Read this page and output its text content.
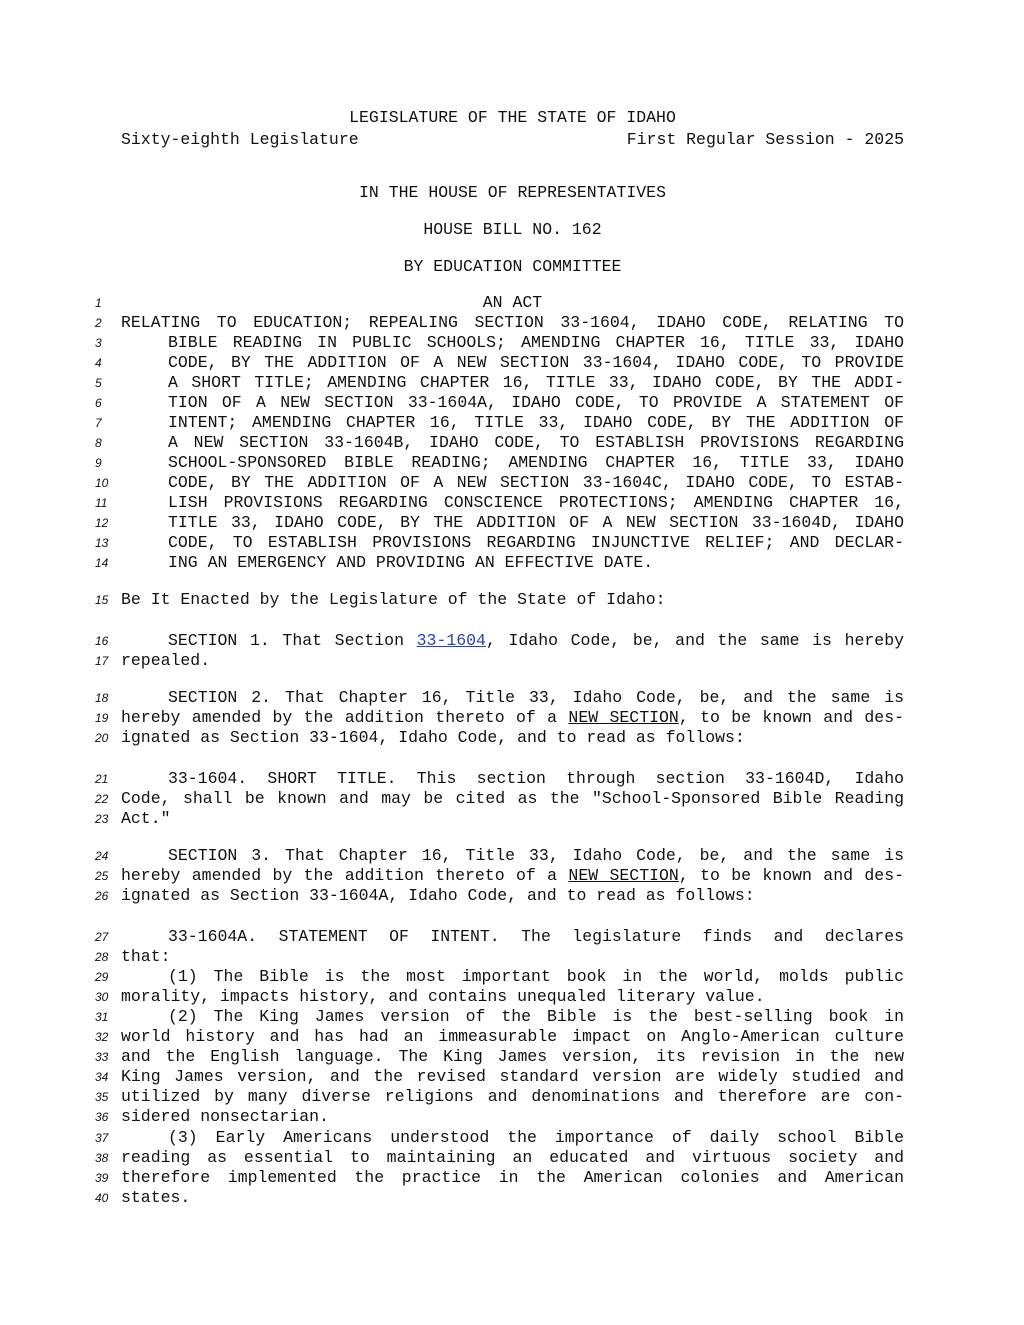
LEGISLATURE OF THE STATE OF IDAHO
Sixty-eighth Legislature	First Regular Session - 2025
IN THE HOUSE OF REPRESENTATIVES
HOUSE BILL NO. 162
BY EDUCATION COMMITTEE
1
2
3
4
5
6
7
8
9
10
11
12
13
14
15
16
17
18
19
20
21
22
23
24
25
26
27
28
29
30
31
32
33
34
35
36
37
38
39
40
AN ACT
RELATING TO EDUCATION; REPEALING SECTION 33-1604, IDAHO CODE, RELATING TO
BIBLE READING IN PUBLIC SCHOOLS; AMENDING CHAPTER 16, TITLE 33, IDAHO
CODE, BY THE ADDITION OF A NEW SECTION 33-1604, IDAHO CODE, TO PROVIDE
A SHORT TITLE; AMENDING CHAPTER 16, TITLE 33, IDAHO CODE, BY THE ADDI-
TION OF A NEW SECTION 33-1604A, IDAHO CODE, TO PROVIDE A STATEMENT OF
INTENT; AMENDING CHAPTER 16, TITLE 33, IDAHO CODE, BY THE ADDITION OF
A NEW SECTION 33-1604B, IDAHO CODE, TO ESTABLISH PROVISIONS REGARDING
SCHOOL-SPONSORED BIBLE READING; AMENDING CHAPTER 16, TITLE 33, IDAHO
CODE, BY THE ADDITION OF A NEW SECTION 33-1604C, IDAHO CODE, TO ESTAB-
LISH PROVISIONS REGARDING CONSCIENCE PROTECTIONS; AMENDING CHAPTER 16,
TITLE 33, IDAHO CODE, BY THE ADDITION OF A NEW SECTION 33-1604D, IDAHO
CODE, TO ESTABLISH PROVISIONS REGARDING INJUNCTIVE RELIEF; AND DECLAR-
ING AN EMERGENCY AND PROVIDING AN EFFECTIVE DATE.
Be It Enacted by the Legislature of the State of Idaho:
SECTION 1. That Section 33-1604, Idaho Code, be, and the same is hereby
repealed.
SECTION 2. That Chapter 16, Title 33, Idaho Code, be, and the same is
hereby amended by the addition thereto of a NEW SECTION, to be known and des-
ignated as Section 33-1604, Idaho Code, and to read as follows:
33-1604. SHORT TITLE. This section through section 33-1604D, Idaho
Code, shall be known and may be cited as the "School-Sponsored Bible Reading
Act."
SECTION 3. That Chapter 16, Title 33, Idaho Code, be, and the same is
hereby amended by the addition thereto of a NEW SECTION, to be known and des-
ignated as Section 33-1604A, Idaho Code, and to read as follows:
33-1604A. STATEMENT OF INTENT. The legislature finds and declares
that:
(1) The Bible is the most important book in the world, molds public
morality, impacts history, and contains unequaled literary value.
(2) The King James version of the Bible is the best-selling book in
world history and has had an immeasurable impact on Anglo-American culture
and the English language. The King James version, its revision in the new
King James version, and the revised standard version are widely studied and
utilized by many diverse religions and denominations and therefore are con-
sidered nonsectarian.
(3) Early Americans understood the importance of daily school Bible
reading as essential to maintaining an educated and virtuous society and
therefore implemented the practice in the American colonies and American
states.
